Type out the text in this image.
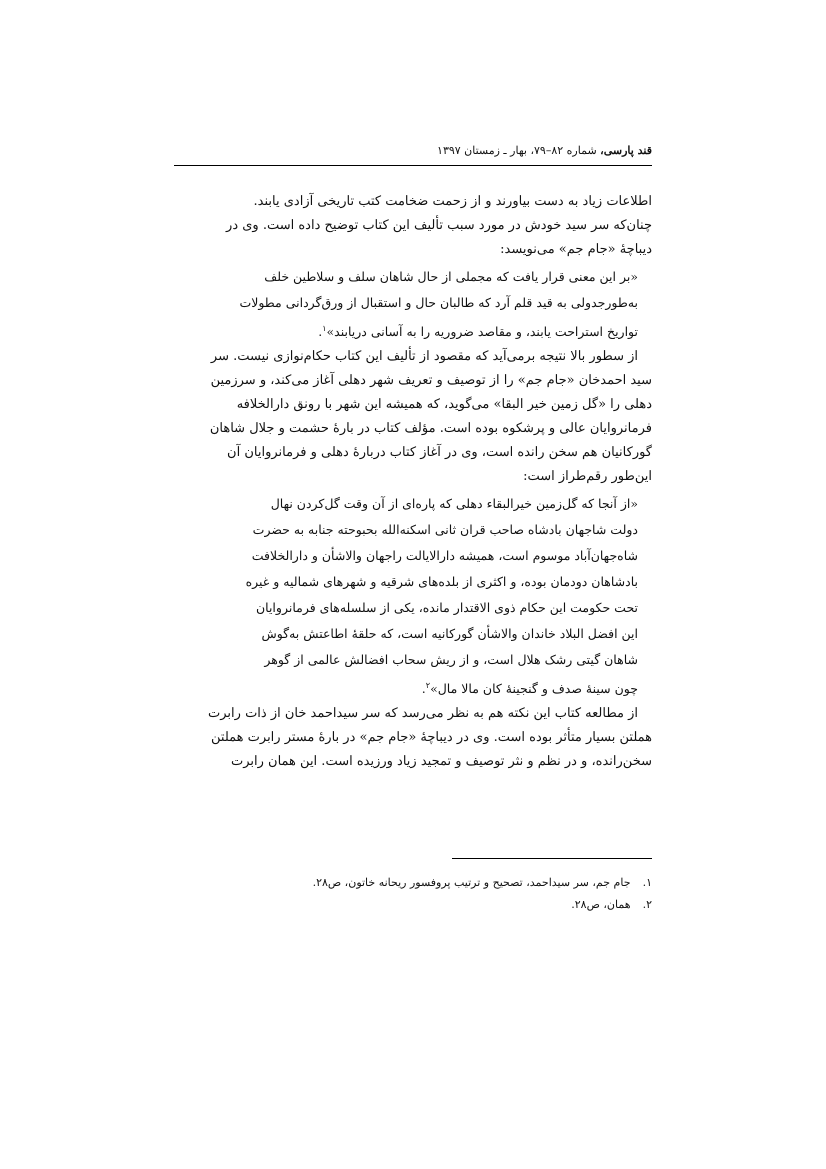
قند پارسی، شماره ۸۲–۷۹، بهار ـ زمستان ۱۳۹۷
اطلاعات زیاد به دست بیاورند و از زحمت ضخامت کتب تاریخی آزادی یابند.
چنان‌که سر سید خودش در مورد سبب تألیف این کتاب توضیح داده است. وی در
دیباچهٔ «جام جم» می‌نویسد:
«بر این معنی قرار یافت که مجملی از حال شاهان سلف و سلاطین خلف
به‌طورجدولی به قید قلم آرد که طالبان حال و استقبال از ورق‌گردانی مطولات
تواریخ استراحت یابند، و مقاصد ضروریه را به آسانی دریابند»$^۱$.
از سطور بالا نتیجه برمی‌آید که مقصود از تألیف این کتاب حکام‌نوازی نیست. سر
سید احمدخان «جام جم» را از توصیف و تعریف شهر دهلی آغاز می‌کند، و سرزمین
دهلی را «گل زمین خیر البقا» می‌گوید، که همیشه این شهر با رونق دارالخلافه
فرمانروایان عالی و پرشکوه بوده است. مؤلف کتاب در بارهٔ حشمت و جلال شاهان
گورکانیان هم سخن رانده است، وی در آغاز کتاب دربارهٔ دهلی و فرمانروایان آن
این‌طور رقم‌طراز است:
«از آنجا که گل‌زمین خیرالبقاء دهلی که پاره‌ای از آن وقت گل‌کردن نهال
دولت شاجهان بادشاه صاحب قران ثانی اسکنه‌الله بحبوحته جنابه به حضرت
شاه‌جهان‌آباد موسوم است، همیشه دارالایالت راجهان والاشأن و دارالخلافت
بادشاهان دودمان بوده، و اکثری از بلده‌های شرقیه و شهرهای شمالیه و غیره
تحت حکومت این حکام ذوی الاقتدار مانده، یکی از سلسله‌های فرمانروایان
این افضل البلاد خاندان والاشأن گورکانیه است، که حلقهٔ اطاعتش به‌گوش
شاهان گیتی رشک هلال است، و از ریش سحاب افضالش عالمی از گوهر
چون سینهٔ صدف و گنجینهٔ کان مالا مال»$^۲$.
از مطالعه کتاب این نکته هم به نظر می‌رسد که سر سیداحمد خان از ذات رابرت
هملتن بسیار متأثر بوده است. وی در دیباچهٔ «جام جم» در بارهٔ مستر رابرت هملتن
سخن‌رانده، و در نظم و نثر توصیف و تمجید زیاد ورزیده است. این همان رابرت
۱. جام جم، سر سیداحمد، تصحیح و ترتیب پروفسور ریحانه خاتون، ص۲۸.
۲. همان، ص۲۸.
